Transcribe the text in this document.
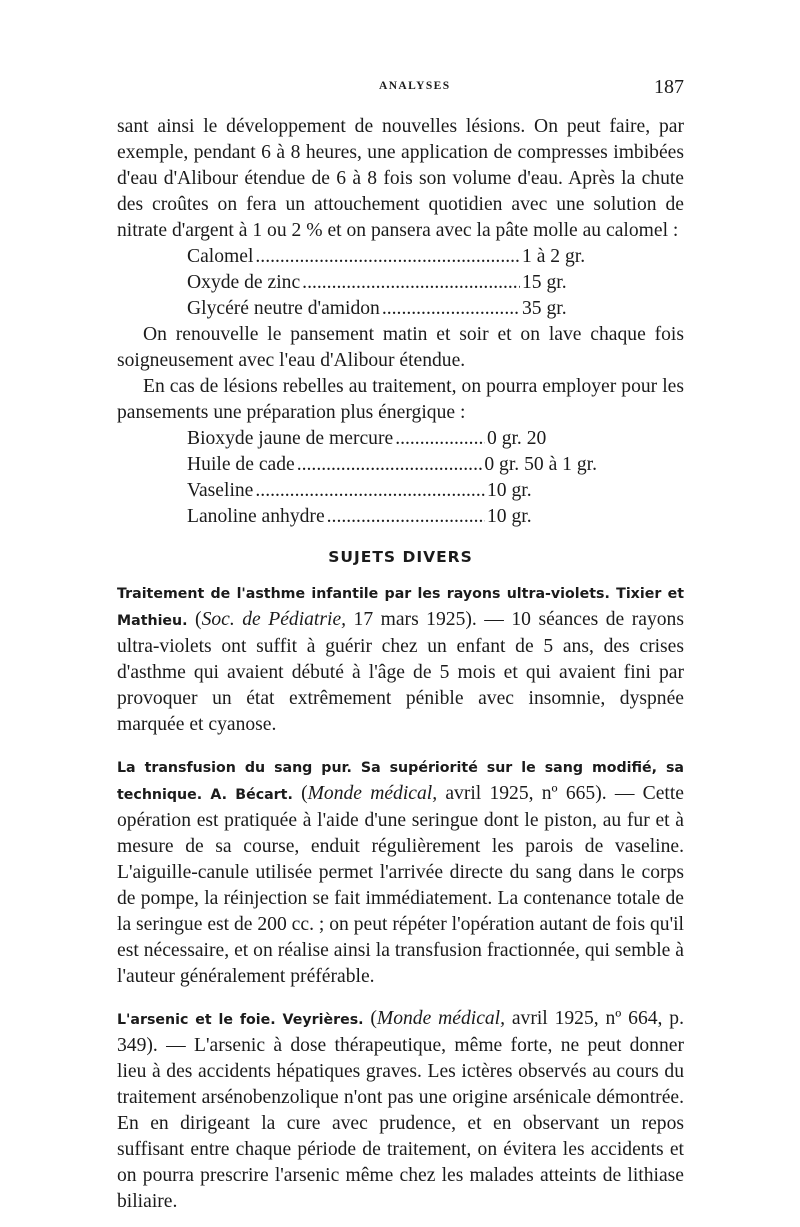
ANALYSES	187

sant ainsi le développement de nouvelles lésions. On peut faire, par exemple, pendant 6 à 8 heures, une application de compresses imbibées d'eau d'Alibour étendue de 6 à 8 fois son volume d'eau. Après la chute des croûtes on fera un attouchement quotidien avec une solution de nitrate d'argent à 1 ou 2 % et on pansera avec la pâte molle au calomel :

Calomel .....	1 à 2 gr.
Oxyde de zinc .....	15 gr.
Glycéré neutre d'amidon .....	35 gr.

On renouvelle le pansement matin et soir et on lave chaque fois soigneusement avec l'eau d'Alibour étendue.

En cas de lésions rebelles au traitement, on pourra employer pour les pansements une préparation plus énergique :

Bioxyde jaune de mercure .....	0 gr. 20
Huile de cade .....	0 gr. 50 à 1 gr.
Vaseline .....	10 gr.
Lanoline anhydre .....	10 gr.
SUJETS DIVERS

Traitement de l'asthme infantile par les rayons ultra-violets. Tixier et Mathieu. (Soc. de Pédiatrie, 17 mars 1925). — 10 séances de rayons ultra-violets ont suffit à guérir chez un enfant de 5 ans, des crises d'asthme qui avaient débuté à l'âge de 5 mois et qui avaient fini par provoquer un état extrêmement pénible avec insomnie, dyspnée marquée et cyanose.

La transfusion du sang pur. Sa supériorité sur le sang modifié, sa technique. A. Bécart. (Monde médical, avril 1925, nº 665). — Cette opération est pratiquée à l'aide d'une seringue dont le piston, au fur et à mesure de sa course, enduit régulièrement les parois de vaseline. L'aiguille-canule utilisée permet l'arrivée directe du sang dans le corps de pompe, la réinjection se fait immédiatement. La contenance totale de la seringue est de 200 cc. ; on peut répéter l'opération autant de fois qu'il est nécessaire, et on réalise ainsi la transfusion fractionnée, qui semble à l'auteur généralement préférable.

L'arsenic et le foie. Veyrières. (Monde médical, avril 1925, nº 664, p. 349). — L'arsenic à dose thérapeutique, même forte, ne peut donner lieu à des accidents hépatiques graves. Les ictères observés au cours du traitement arsénobenzolique n'ont pas une origine arsénicale démontrée. En en dirigeant la cure avec prudence, et en observant un repos suffisant entre chaque période de traitement, on évitera les accidents et on pourra prescrire l'arsenic même chez les malades atteints de lithiase biliaire.
